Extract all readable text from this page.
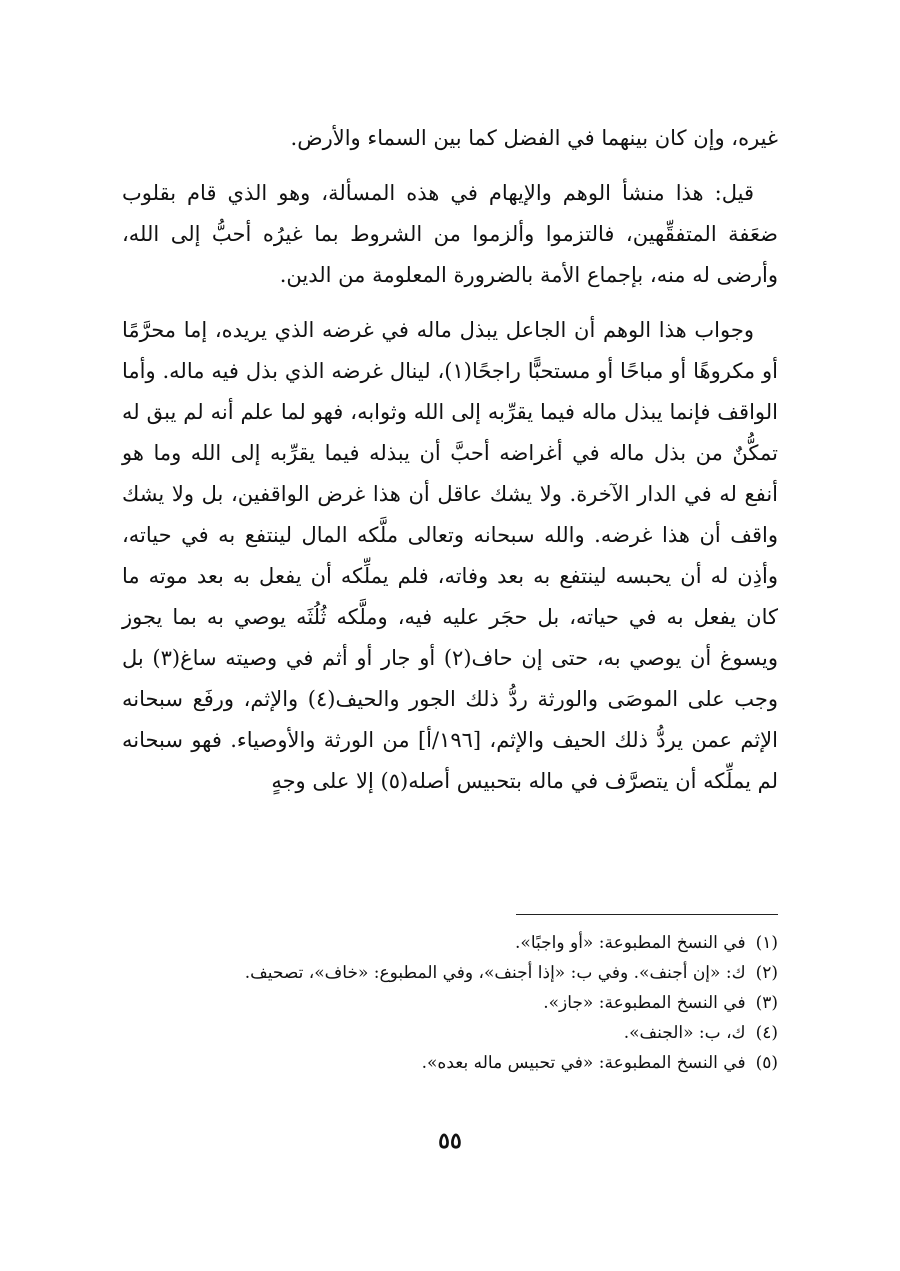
غيره، وإن كان بينهما في الفضل كما بين السماء والأرض.

قيل: هذا منشأ الوهم والإيهام في هذه المسألة، وهو الذي قام بقلوب ضعَفة المتفقِّهين، فالتزموا وألزموا من الشروط بما غيرُه أحبُّ إلى الله، وأرضى له منه، بإجماع الأمة بالضرورة المعلومة من الدين.

وجواب هذا الوهم أن الجاعل يبذل ماله في غرضه الذي يريده، إما محرَّمًا أو مكروهًا أو مباحًا أو مستحبًّا راجحًا(١)، لينال غرضه الذي بذل فيه ماله. وأما الواقف فإنما يبذل ماله فيما يقرِّبه إلى الله وثوابه، فهو لما علم أنه لم يبق له تمكُّنٌ من بذل ماله في أغراضه أحبَّ أن يبذله فيما يقرِّبه إلى الله وما هو أنفع له في الدار الآخرة. ولا يشك عاقل أن هذا غرض الواقفين، بل ولا يشك واقف أن هذا غرضه. والله سبحانه وتعالى ملَّكه المال لينتفع به في حياته، وأذِن له أن يحبسه لينتفع به بعد وفاته، فلم يملِّكه أن يفعل به بعد موته ما كان يفعل به في حياته، بل حجَر عليه فيه، وملَّكه ثُلُثَه يوصي به بما يجوز ويسوغ أن يوصي به، حتى إن حاف(٢) أو جار أو أثم في وصيته ساغ(٣) بل وجب على الموصَى والورثة ردُّ ذلك الجور والحيف(٤) والإثم، ورفَع سبحانه الإثم عمن يردُّ ذلك الحيف والإثم، [١٩٦/أ] من الورثة والأوصياء. فهو سبحانه لم يملِّكه أن يتصرَّف في ماله بتحبيس أصله(٥) إلا على وجهٍ

(١)
في النسخ المطبوعة: «أو واجبًا».
(٢)
ك: «إن أجنف». وفي ب: «إذا أجنف»، وفي المطبوع: «خاف»، تصحيف.
(٣)
في النسخ المطبوعة: «جاز».
(٤)
ك، ب: «الجنف».
(٥)
في النسخ المطبوعة: «في تحبيس ماله بعده».
٥٥
